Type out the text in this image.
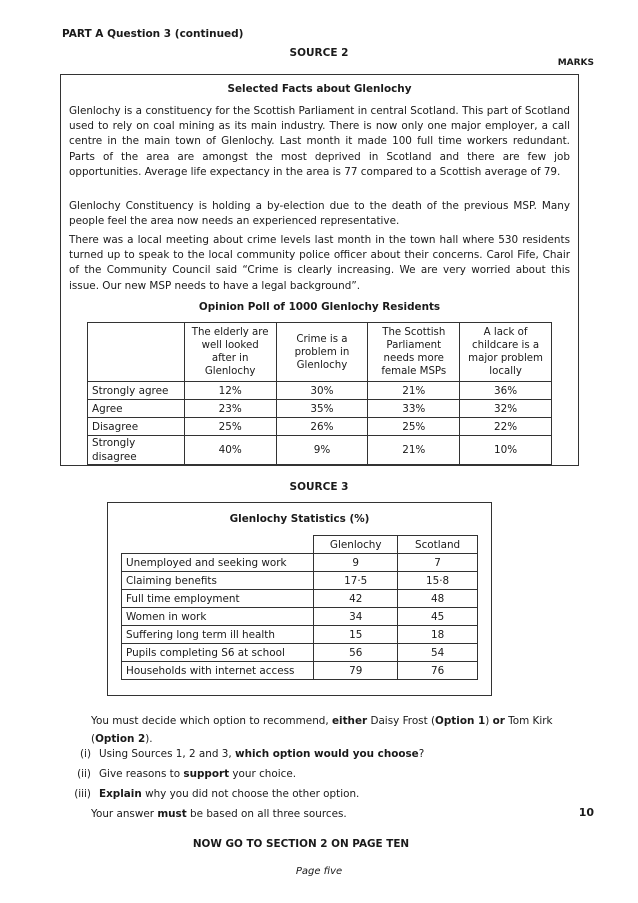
PART A Question 3 (continued)
SOURCE 2
MARKS
Selected Facts about Glenlochy

Glenlochy is a constituency for the Scottish Parliament in central Scotland. This part of Scotland used to rely on coal mining as its main industry. There is now only one major employer, a call centre in the main town of Glenlochy. Last month it made 100 full time workers redundant. Parts of the area are amongst the most deprived in Scotland and there are few job opportunities. Average life expectancy in the area is 77 compared to a Scottish average of 79.

Glenlochy Constituency is holding a by-election due to the death of the previous MSP. Many people feel the area now needs an experienced representative.

There was a local meeting about crime levels last month in the town hall where 530 residents turned up to speak to the local community police officer about their concerns. Carol Fife, Chair of the Community Council said “Crime is clearly increasing. We are very worried about this issue. Our new MSP needs to have a legal background”.

Opinion Poll of 1000 Glenlochy Residents
	The elderly are well looked after in Glenlochy	Crime is a problem in Glenlochy	The Scottish Parliament needs more female MSPs	A lack of childcare is a major problem locally
Strongly agree	12%	30%	21%	36%
Agree	23%	35%	33%	32%
Disagree	25%	26%	25%	22%
Strongly disagree	40%	9%	21%	10%
SOURCE 3
Glenlochy Statistics (%)
	Glenlochy	Scotland
Unemployed and seeking work	9	7
Claiming benefits	17·5	15·8
Full time employment	42	48
Women in work	34	45
Suffering long term ill health	15	18
Pupils completing S6 at school	56	54
Households with internet access	79	76
You must decide which option to recommend, either Daisy Frost (Option 1) or Tom Kirk (Option 2).
(i) Using Sources 1, 2 and 3, which option would you choose?
(ii) Give reasons to support your choice.
(iii) Explain why you did not choose the other option.
Your answer must be based on all three sources.	10
NOW GO TO SECTION 2 ON PAGE TEN
Page five
